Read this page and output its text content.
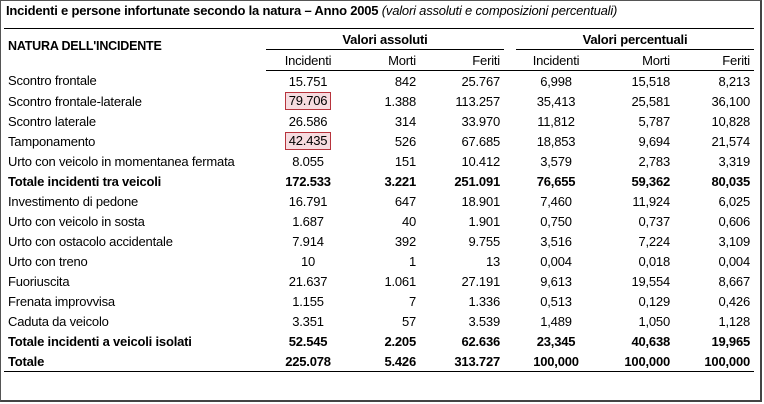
Incidenti e persone infortunate secondo la natura – Anno 2005 (valori assoluti e composizioni percentuali)
NATURA DELL'INCIDENTE	Valori assoluti				Valori percentuali		
	Incidenti	Morti	Feriti		Incidenti	Morti	Feriti
Scontro frontale	15.751	842	25.767		6,998	15,518	8,213
Scontro frontale-laterale	79.706	1.388	113.257		35,413	25,581	36,100
Scontro laterale	26.586	314	33.970		11,812	5,787	10,828
Tamponamento	42.435	526	67.685		18,853	9,694	21,574
Urto con veicolo in momentanea fermata	8.055	151	10.412		3,579	2,783	3,319
Totale incidenti tra veicoli	172.533	3.221	251.091		76,655	59,362	80,035
Investimento di pedone	16.791	647	18.901		7,460	11,924	6,025
Urto con veicolo in sosta	1.687	40	1.901		0,750	0,737	0,606
Urto con ostacolo accidentale	7.914	392	9.755		3,516	7,224	3,109
Urto con treno	10	1	13		0,004	0,018	0,004
Fuoriuscita	21.637	1.061	27.191		9,613	19,554	8,667
Frenata improvvisa	1.155	7	1.336		0,513	0,129	0,426
Caduta da veicolo	3.351	57	3.539		1,489	1,050	1,128
Totale incidenti a veicoli isolati	52.545	2.205	62.636		23,345	40,638	19,965
Totale	225.078	5.426	313.727		100,000	100,000	100,000
